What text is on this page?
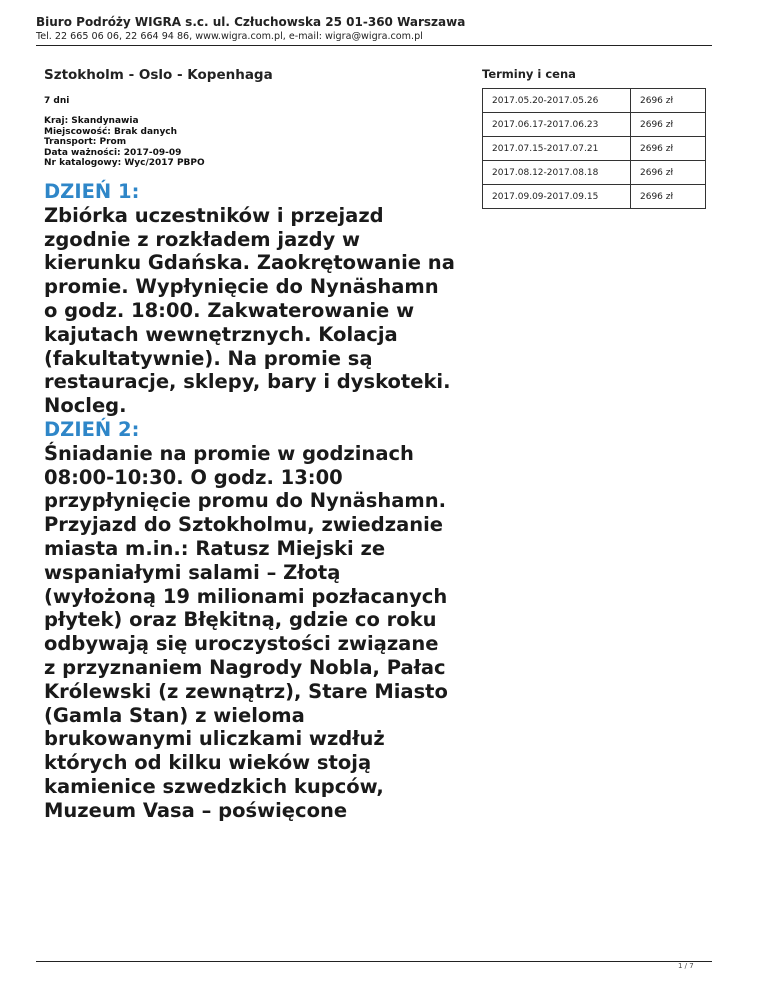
Biuro Podróży WIGRA s.c. ul. Człuchowska 25 01-360 Warszawa
Tel. 22 665 06 06, 22 664 94 86, www.wigra.com.pl, e-mail: wigra@wigra.com.pl
Sztokholm - Oslo - Kopenhaga
7 dni
Kraj: Skandynawia
Miejscowość: Brak danych
Transport: Prom
Data ważności: 2017-09-09
Nr katalogowy: Wyc/2017 PBPO
DZIEŃ 1:
Zbiórka uczestników i przejazd zgodnie z rozkładem jazdy w kierunku Gdańska. Zaokrętowanie na promie. Wypłynięcie do Nynäshamn o godz. 18:00. Zakwaterowanie w kajutach wewnętrznych. Kolacja (fakultatywnie). Na promie są restauracje, sklepy, bary i dyskoteki. Nocleg.
DZIEŃ 2:
Śniadanie na promie w godzinach 08:00-10:30. O godz. 13:00 przypłynięcie promu do Nynäshamn. Przyjazd do Sztokholmu, zwiedzanie miasta m.in.: Ratusz Miejski ze wspaniałymi salami – Złotą (wyłożoną 19 milionami pozłacanych płytek) oraz Błękitną, gdzie co roku odbywają się uroczystości związane z przyznaniem Nagrody Nobla, Pałac Królewski (z zewnątrz), Stare Miasto (Gamla Stan) z wieloma brukowanymi uliczkami wzdłuż których od kilku wieków stoją kamienice szwedzkich kupców, Muzeum Vasa – poświęcone
Terminy i cena
2017.05.20-2017.05.26	2696 zł
2017.06.17-2017.06.23	2696 zł
2017.07.15-2017.07.21	2696 zł
2017.08.12-2017.08.18	2696 zł
2017.09.09-2017.09.15	2696 zł
1 / 7
